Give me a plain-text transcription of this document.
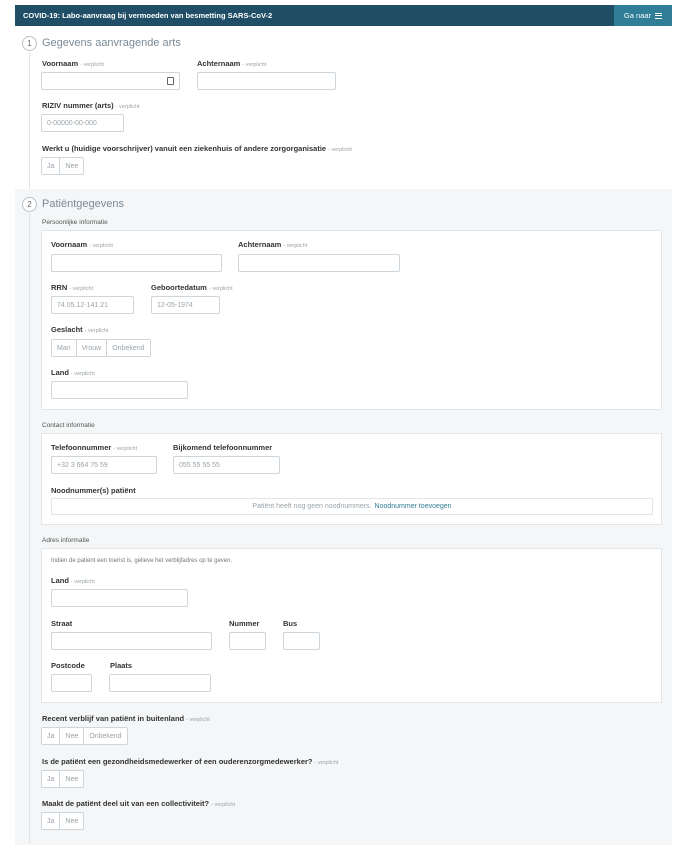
COVID-19: Labo-aanvraag bij vermoeden van besmetting SARS-CoV-2	Ga naar
1 Gegevens aanvragende arts
Voornaam - verplicht	Achternaam - verplicht
RIZIV nummer (arts) - verplicht
0-00000-00-000
Werkt u (huidige voorschrijver) vanuit een ziekenhuis of andere zorgorganisatie - verplicht
Ja	Nee
2 Patiëntgegevens
Persoonlijke informatie
Voornaam - verplicht	Achternaam - verplicht
RRN - verplicht
74.05.12-141.21
Geboortedatum - verplicht
12-05-1974
Geslacht - verplicht
Man	Vrouw	Onbekend
Land - verplicht
Contact informatie
Telefoonnummer - verplicht
+32 3 664 75 59
Bijkomend telefoonnummer
055 55 55 55
Noodnummer(s) patiënt
Patiënt heeft nog geen noodnummers. Noodnummer toevoegen
Adres informatie
Indien de patient een toerist is, gelieve het verblijfadres op te geven.
Land - verplicht
Straat	Nummer	Bus
Postcode	Plaats
Recent verblijf van patiënt in buitenland - verplicht
Ja	Nee	Onbekend
Is de patiënt een gezondheidsmedewerker of een ouderenzorgmedewerker? - verplicht
Ja	Nee
Maakt de patiënt deel uit van een collectiviteit? - verplicht
Ja	Nee
